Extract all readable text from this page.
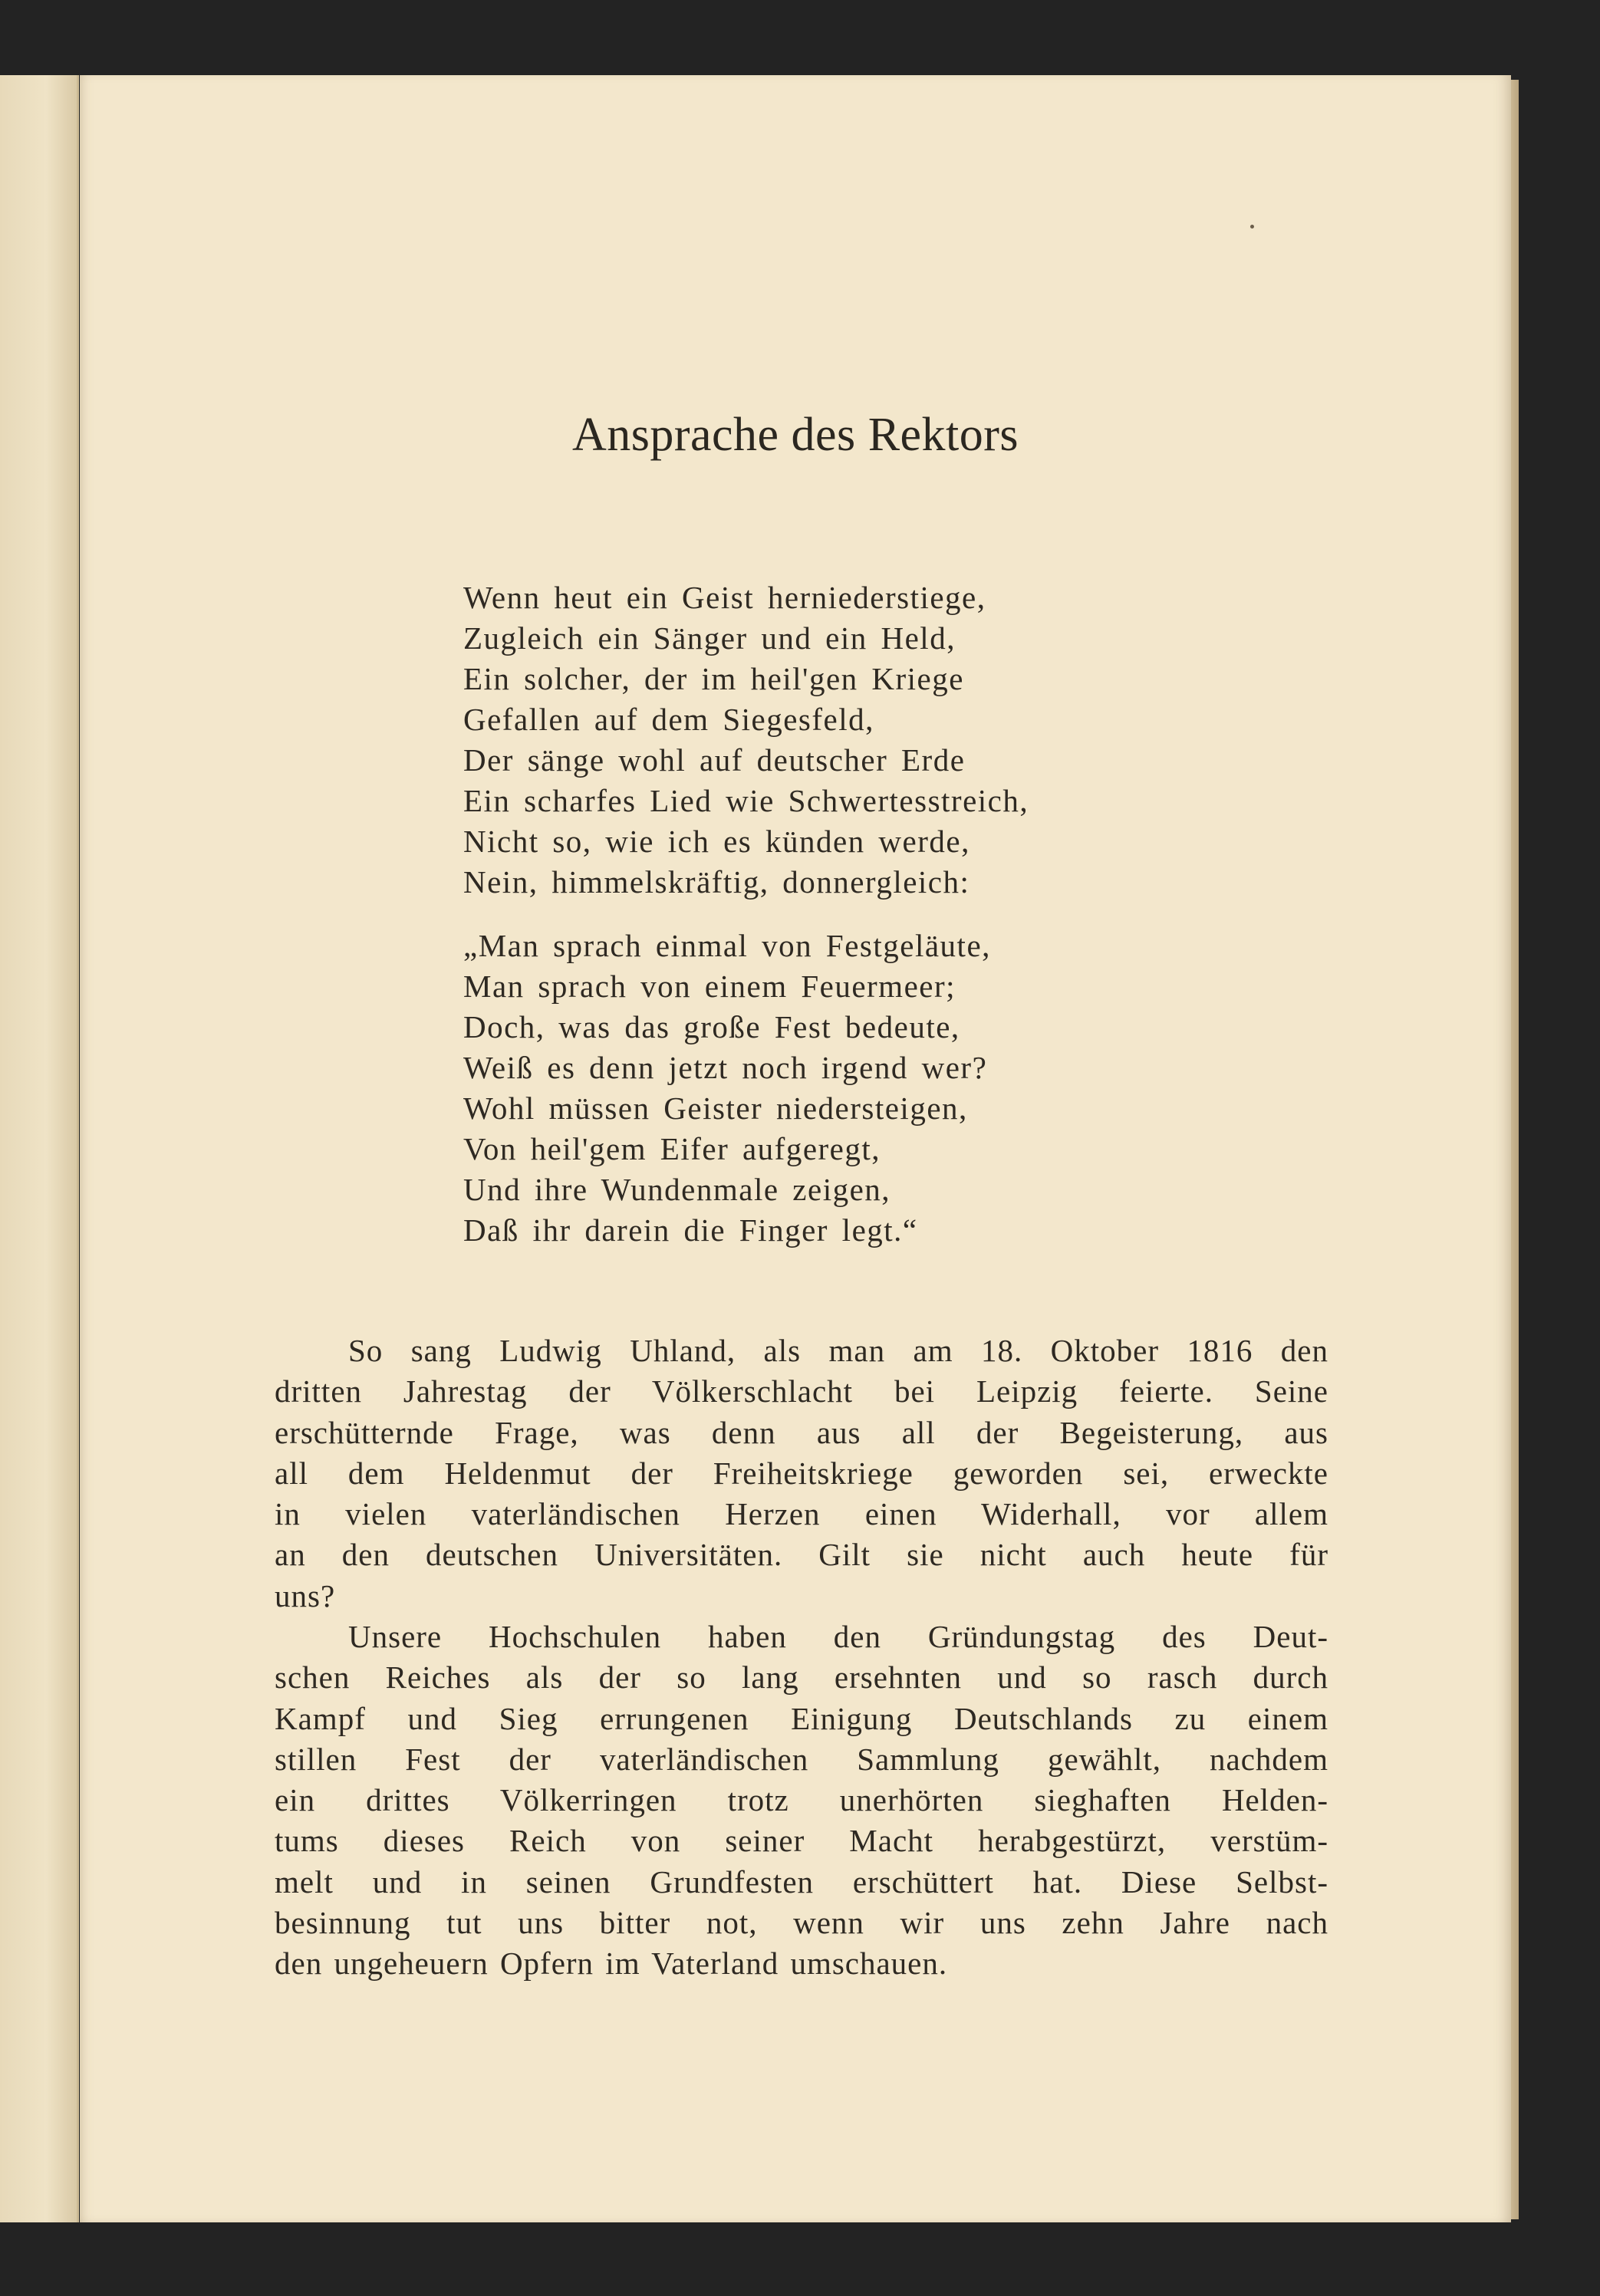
Ansprache des Rektors
Wenn heut ein Geist herniederstiege,
Zugleich ein Sänger und ein Held,
Ein solcher, der im heil'gen Kriege
Gefallen auf dem Siegesfeld,
Der sänge wohl auf deutscher Erde
Ein scharfes Lied wie Schwertesstreich,
Nicht so, wie ich es künden werde,
Nein, himmelskräftig, donnergleich:
„Man sprach einmal von Festgeläute,
Man sprach von einem Feuermeer;
Doch, was das große Fest bedeute,
Weiß es denn jetzt noch irgend wer?
Wohl müssen Geister niedersteigen,
Von heil'gem Eifer aufgeregt,
Und ihre Wundenmale zeigen,
Daß ihr darein die Finger legt.“
So sang Ludwig Uhland, als man am 18. Oktober 1816 den
dritten Jahrestag der Völkerschlacht bei Leipzig feierte. Seine
erschütternde Frage, was denn aus all der Begeisterung, aus
all dem Heldenmut der Freiheitskriege geworden sei, erweckte
in vielen vaterländischen Herzen einen Widerhall, vor allem
an den deutschen Universitäten. Gilt sie nicht auch heute für
uns?
Unsere Hochschulen haben den Gründungstag des Deut-
schen Reiches als der so lang ersehnten und so rasch durch
Kampf und Sieg errungenen Einigung Deutschlands zu einem
stillen Fest der vaterländischen Sammlung gewählt, nachdem
ein drittes Völkerringen trotz unerhörten sieghaften Helden-
tums dieses Reich von seiner Macht herabgestürzt, verstüm-
melt und in seinen Grundfesten erschüttert hat. Diese Selbst-
besinnung tut uns bitter not, wenn wir uns zehn Jahre nach
den ungeheuern Opfern im Vaterland umschauen.
